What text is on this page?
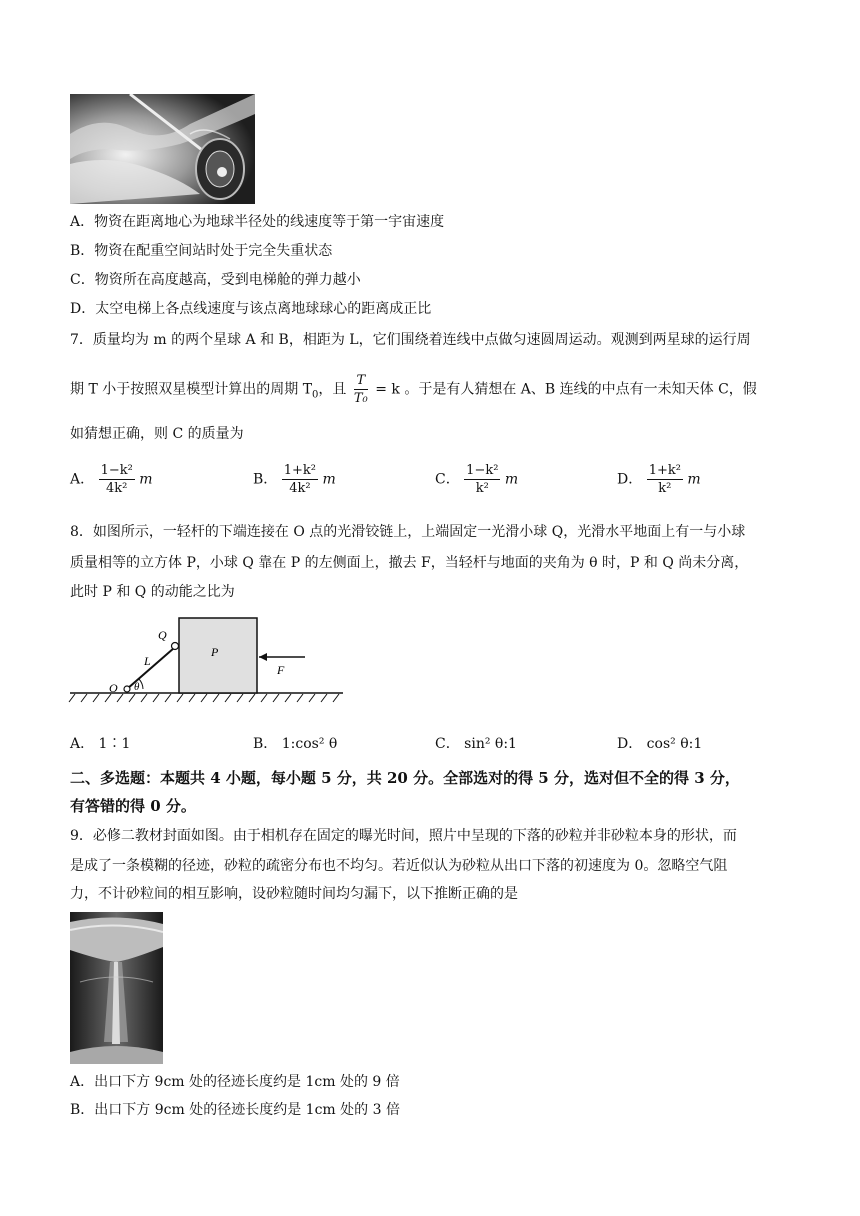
A．物资在距离地心为地球半径处的线速度等于第一宇宙速度
B．物资在配重空间站时处于完全失重状态
C．物资所在高度越高，受到电梯舱的弹力越小
D．太空电梯上各点线速度与该点离地球球心的距离成正比
7．质量均为 m 的两个星球 A 和 B，相距为 L，它们围绕着连线中点做匀速圆周运动。观测到两星球的运行周
期 T 小于按照双星模型计算出的周期 $T_0$，且 $\frac{T}{\text{T₀}} = k$ 。于是有人猜想在 A、B 连线的中点有一未知天体 C，假
如猜想正确，则 C 的质量为
A． $\frac{\text{1−k²}}{\text{4k²}}$ m	B． $\frac{\text{1+k²}}{\text{4k²}}$ m	C． $\frac{\text{1−k²}}{\text{k²}}$ m	D． $\frac{\text{1+k²}}{\text{k²}}$ m
8．如图所示，一轻杆的下端连接在 O 点的光滑铰链上，上端固定一光滑小球 Q，光滑水平地面上有一与小球
质量相等的立方体 P，小球 Q 靠在 P 的左侧面上，撤去 F，当轻杆与地面的夹角为 θ 时，P 和 Q 尚未分离，
此时 P 和 Q 的动能之比为
Q
L
O θ
P
F
A． 1∶1	B． 1:cos² θ	C． sin² θ:1	D． cos² θ:1
二、多选题：本题共 4 小题，每小题 5 分，共 20 分。全部选对的得 5 分，选对但不全的得 3 分，
有答错的得 0 分。
9．必修二教材封面如图。由于相机存在固定的曝光时间，照片中呈现的下落的砂粒并非砂粒本身的形状，而
是成了一条模糊的径迹，砂粒的疏密分布也不均匀。若近似认为砂粒从出口下落的初速度为 0。忽略空气阻
力，不计砂粒间的相互影响，设砂粒随时间均匀漏下，以下推断正确的是
A．出口下方 9cm 处的径迹长度约是 1cm 处的 9 倍
B．出口下方 9cm 处的径迹长度约是 1cm 处的 3 倍
